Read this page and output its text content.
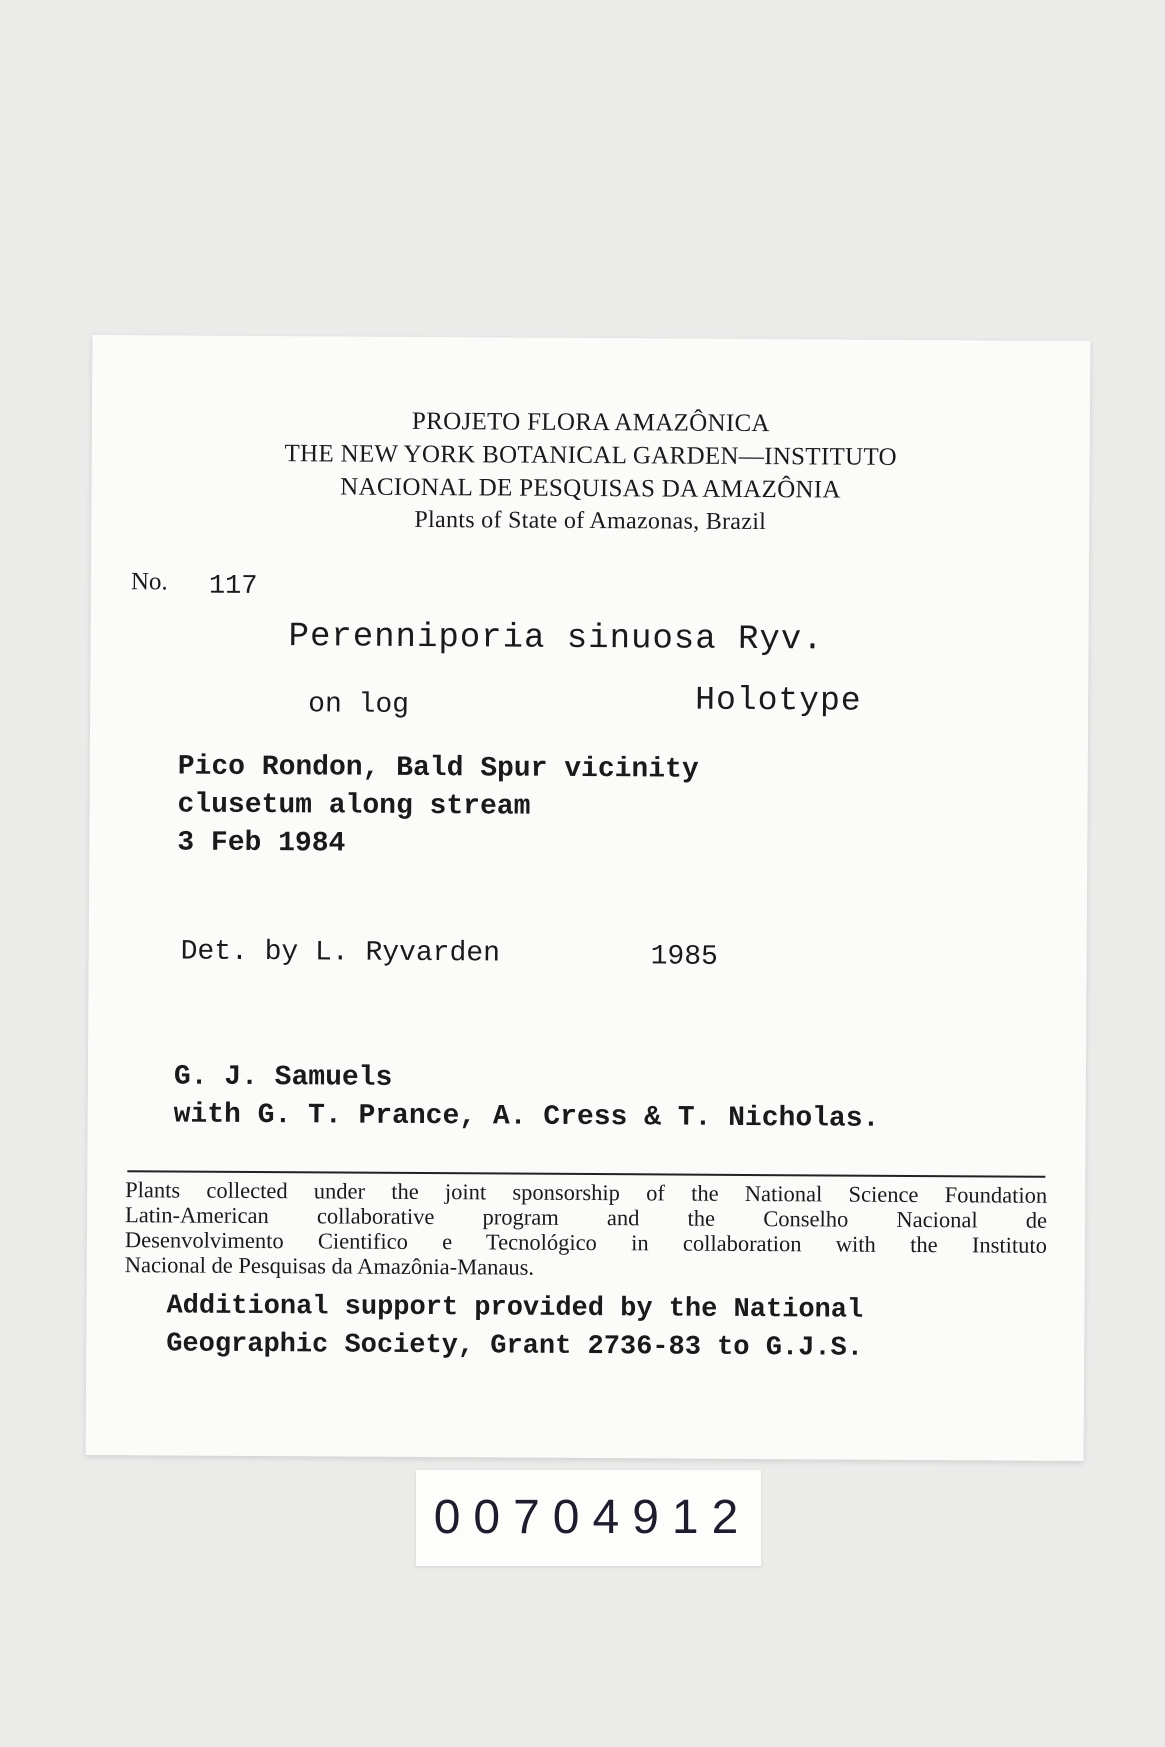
PROJETO FLORA AMAZÔNICA
THE NEW YORK BOTANICAL GARDEN—INSTITUTO
NACIONAL DE PESQUISAS DA AMAZÔNIA
Plants of State of Amazonas, Brazil
No. 117
Perenniporia sinuosa Ryv.
on log	Holotype
Pico Rondon, Bald Spur vicinity
clusetum along stream
3 Feb 1984
Det. by L. Ryvarden	1985
G. J. Samuels
with G. T. Prance, A. Cress & T. Nicholas.
Plants collected under the joint sponsorship of the National Science Foundation
Latin-American collaborative program and the Conselho Nacional de
Desenvolvimento Cientifico e Tecnológico in collaboration with the Instituto
Nacional de Pesquisas da Amazônia-Manaus.
Additional support provided by the National
Geographic Society, Grant 2736-83 to G.J.S.
00704912
